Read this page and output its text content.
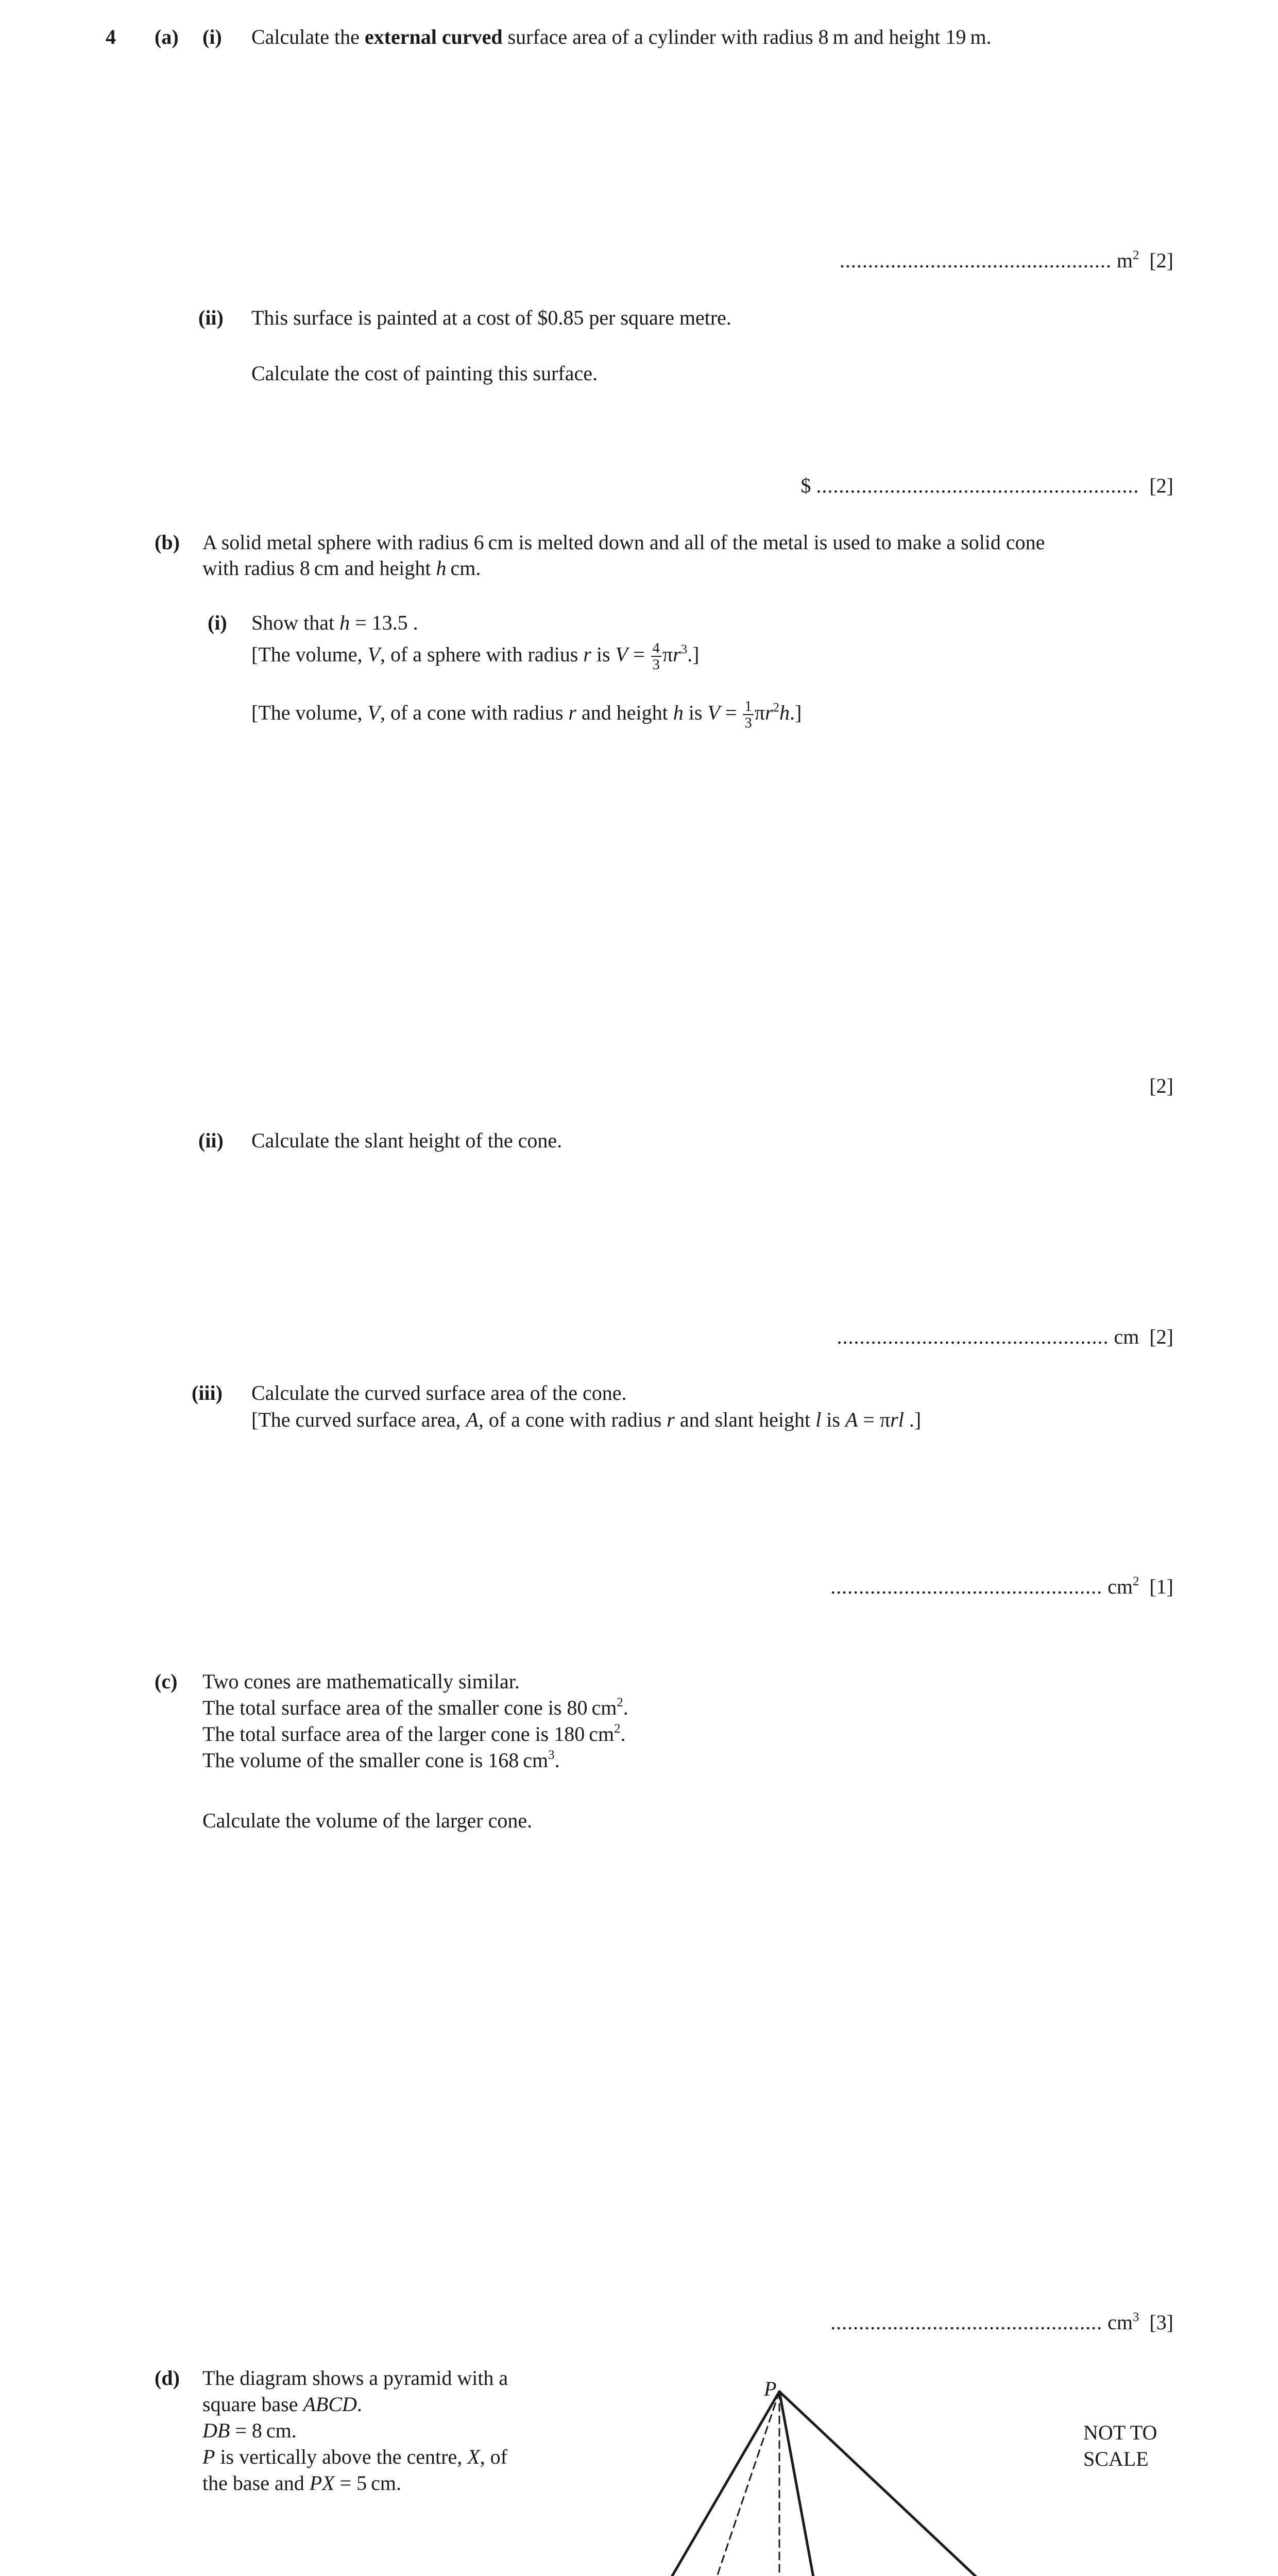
4 (a) (i) Calculate the external curved surface area of a cylinder with radius 8 m and height 19 m.
................................................ $m^2$ [2]
(ii) This surface is painted at a cost of $0.85 per square metre.
Calculate the cost of painting this surface.
$ ......................................................... [2]
(b) A solid metal sphere with radius 6 cm is melted down and all of the metal is used to make a solid cone
with radius 8 cm and height h cm.
(i) Show that h = 13.5 .
[The volume, V, of a sphere with radius r is $V = \frac{4}{3} \pi r^3$.]
[The volume, V, of a cone with radius r and height h is $V = \frac{1}{3} \pi r^2h$.]
[2]
(ii) Calculate the slant height of the cone.
................................................ cm [2]
(iii) Calculate the curved surface area of the cone.
[The curved surface area, A, of a cone with radius r and slant height l is A = πrl .]
................................................ $cm^2$ [1]
(c) Two cones are mathematically similar.
The total surface area of the smaller cone is 80 $cm^2$.
The total surface area of the larger cone is 180 $cm^2$.
The volume of the smaller cone is 168 $cm^3$.
Calculate the volume of the larger cone.
................................................ $cm^3$ [3]
(d) The diagram shows a pyramid with a
square base ABCD.
DB = 8 cm.
P is vertically above the centre, X, of
the base and PX = 5 cm.
NOT TO
SCALE
P
